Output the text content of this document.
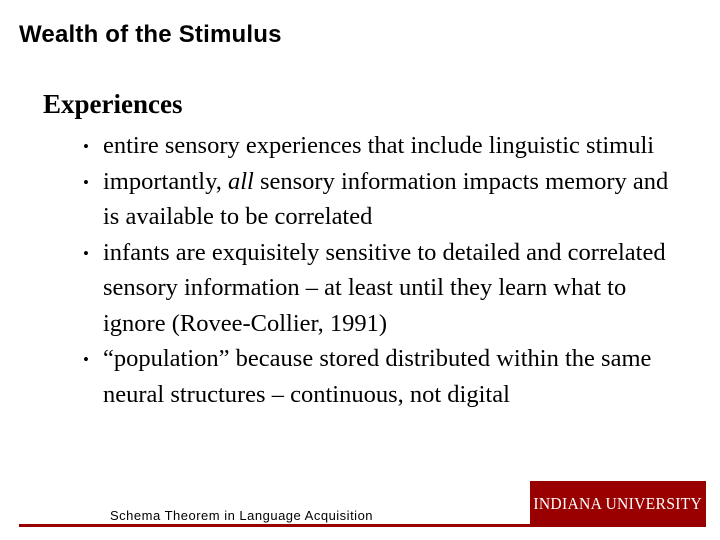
Wealth of the Stimulus
Experiences
• entire sensory experiences that include linguistic stimuli
• importantly, all sensory information impacts memory and is available to be correlated
• infants are exquisitely sensitive to detailed and correlated sensory information – at least until they learn what to ignore (Rovee-Collier, 1991)
• “population” because stored distributed within the same neural structures – continuous, not digital
Schema Theorem in Language Acquisition
INDIANA UNIVERSITY
